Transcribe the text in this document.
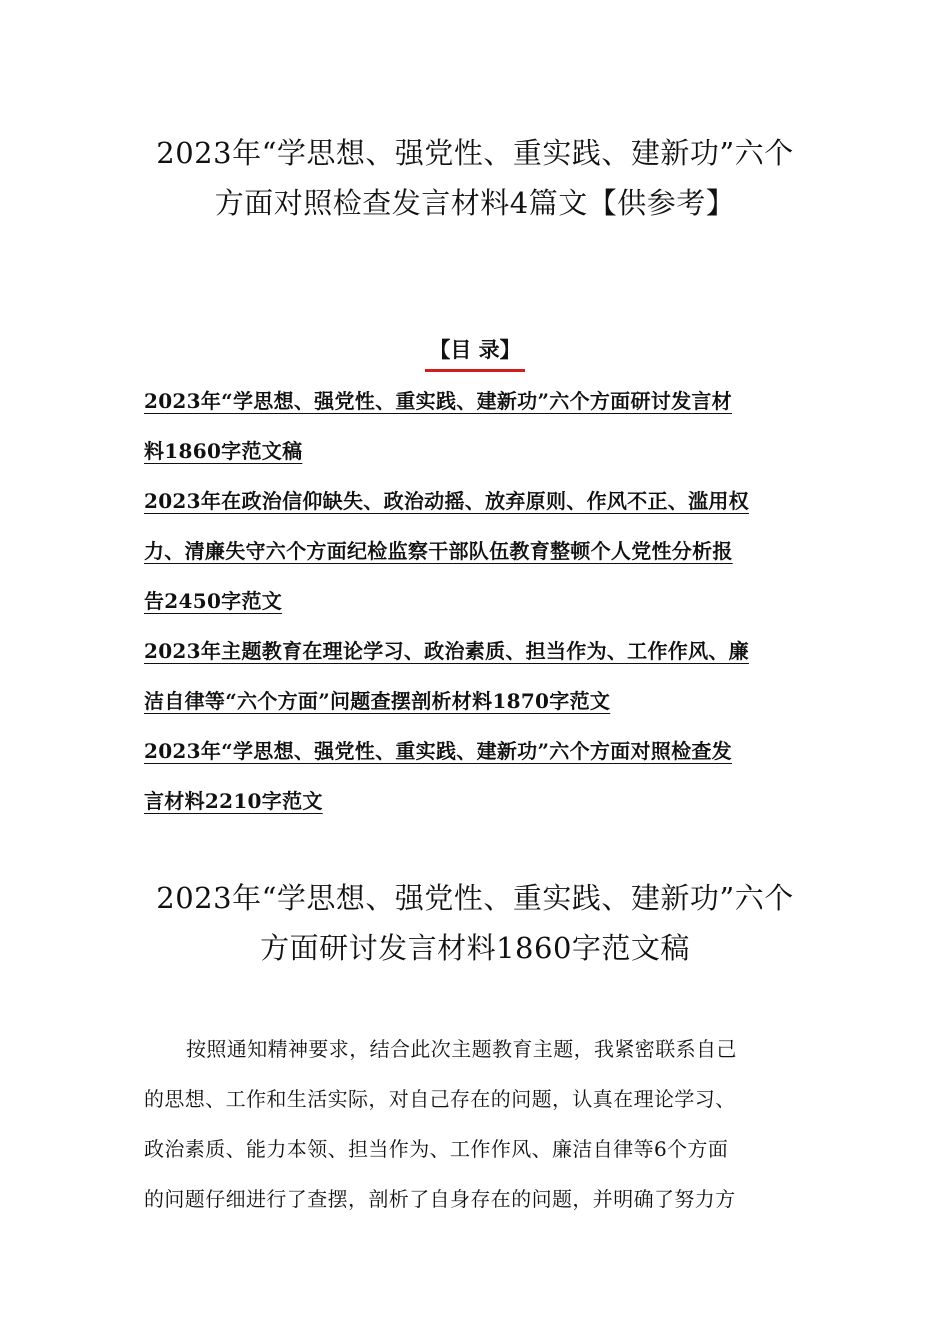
2023年“学思想、强党性、重实践、建新功”六个
方面对照检查发言材料4篇文【供参考】
【目 录】
2023年“学思想、强党性、重实践、建新功”六个方面研讨发言材
料1860字范文稿
2023年在政治信仰缺失、政治动摇、放弃原则、作风不正、滥用权
力、清廉失守六个方面纪检监察干部队伍教育整顿个人党性分析报
告2450字范文
2023年主题教育在理论学习、政治素质、担当作为、工作作风、廉
洁自律等“六个方面”问题查摆剖析材料1870字范文
2023年“学思想、强党性、重实践、建新功”六个方面对照检查发
言材料2210字范文
2023年“学思想、强党性、重实践、建新功”六个
方面研讨发言材料1860字范文稿
按照通知精神要求，结合此次主题教育主题，我紧密联系自己
的思想、工作和生活实际，对自己存在的问题，认真在理论学习、
政治素质、能力本领、担当作为、工作作风、廉洁自律等6个方面
的问题仔细进行了查摆，剖析了自身存在的问题，并明确了努力方
